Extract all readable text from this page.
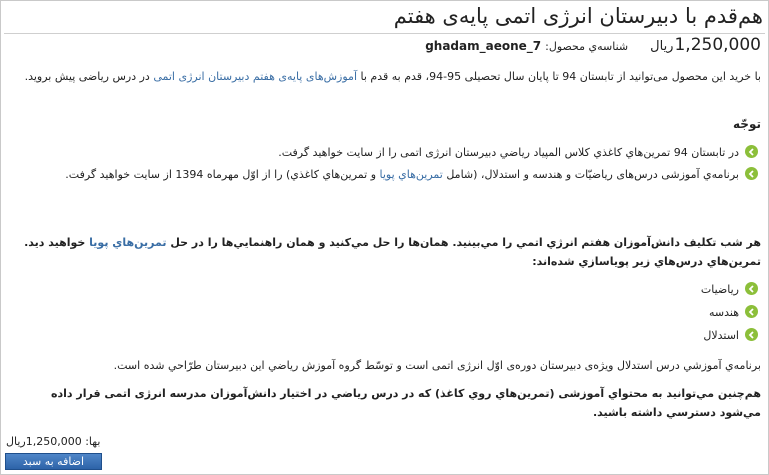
هم‌قدم با دبیرستان انرژی اتمی پایه‌ی هفتم
1,250,000
ریال
شناسه‌ي محصول:
ghadam_aeone_7
با خرید این محصول می‌توانید از تابستان 94 تا پایان سال تحصیلی 95-94، قدم به قدم با آموزش‌های پایه‌ی هفتم دبیرستان انرژی اتمی در درس ریاضی پیش بروید.
توجّه
در تابستان 94 تمرین‌هاي كاغذي كلاس المپياد رياضي دبیرستان انرژی اتمی را از سایت خواهید گرفت.
برنامه‌ي آموزشی درس‌های رياضیّات و هندسه و استدلال، (شامل تمرين‌هاي پويا و تمرين‌هاي كاغذي) را از اوّل مهرماه 1394 از سایت خواهید گرفت.
هر شب تکلیف دانش‌آموزان هفتم انرژي اتمي را مي‌بينيد. همان‌ها را حل مي‌كنيد و همان راهنمايي‌ها را در حل تمرين‌هاي پويا خواهید دید. تمرين‌هاي درس‌هاي زير پوياسازي شده‌اند:
رياضيات
هندسه
استدلال
برنامه‌ي آموزشي درس استدلال ويژه‌ی دبیرستان دوره‌ی اوّل انرژی اتمی است و توسّط گروه آموزش رياضي اين دبیرستان طرّاحي شده است.
هم‌چنين مي‌توانيد به محتواي آموزشی (تمرين‌هاي روي كاغذ) كه در درس رياضي در اختيار دانش‌آموزان مدرسه انرژی اتمی قرار داده مي‌شود دسترسي داشته باشيد.
بها: 1,250,000ریال
اضافه به سبد
